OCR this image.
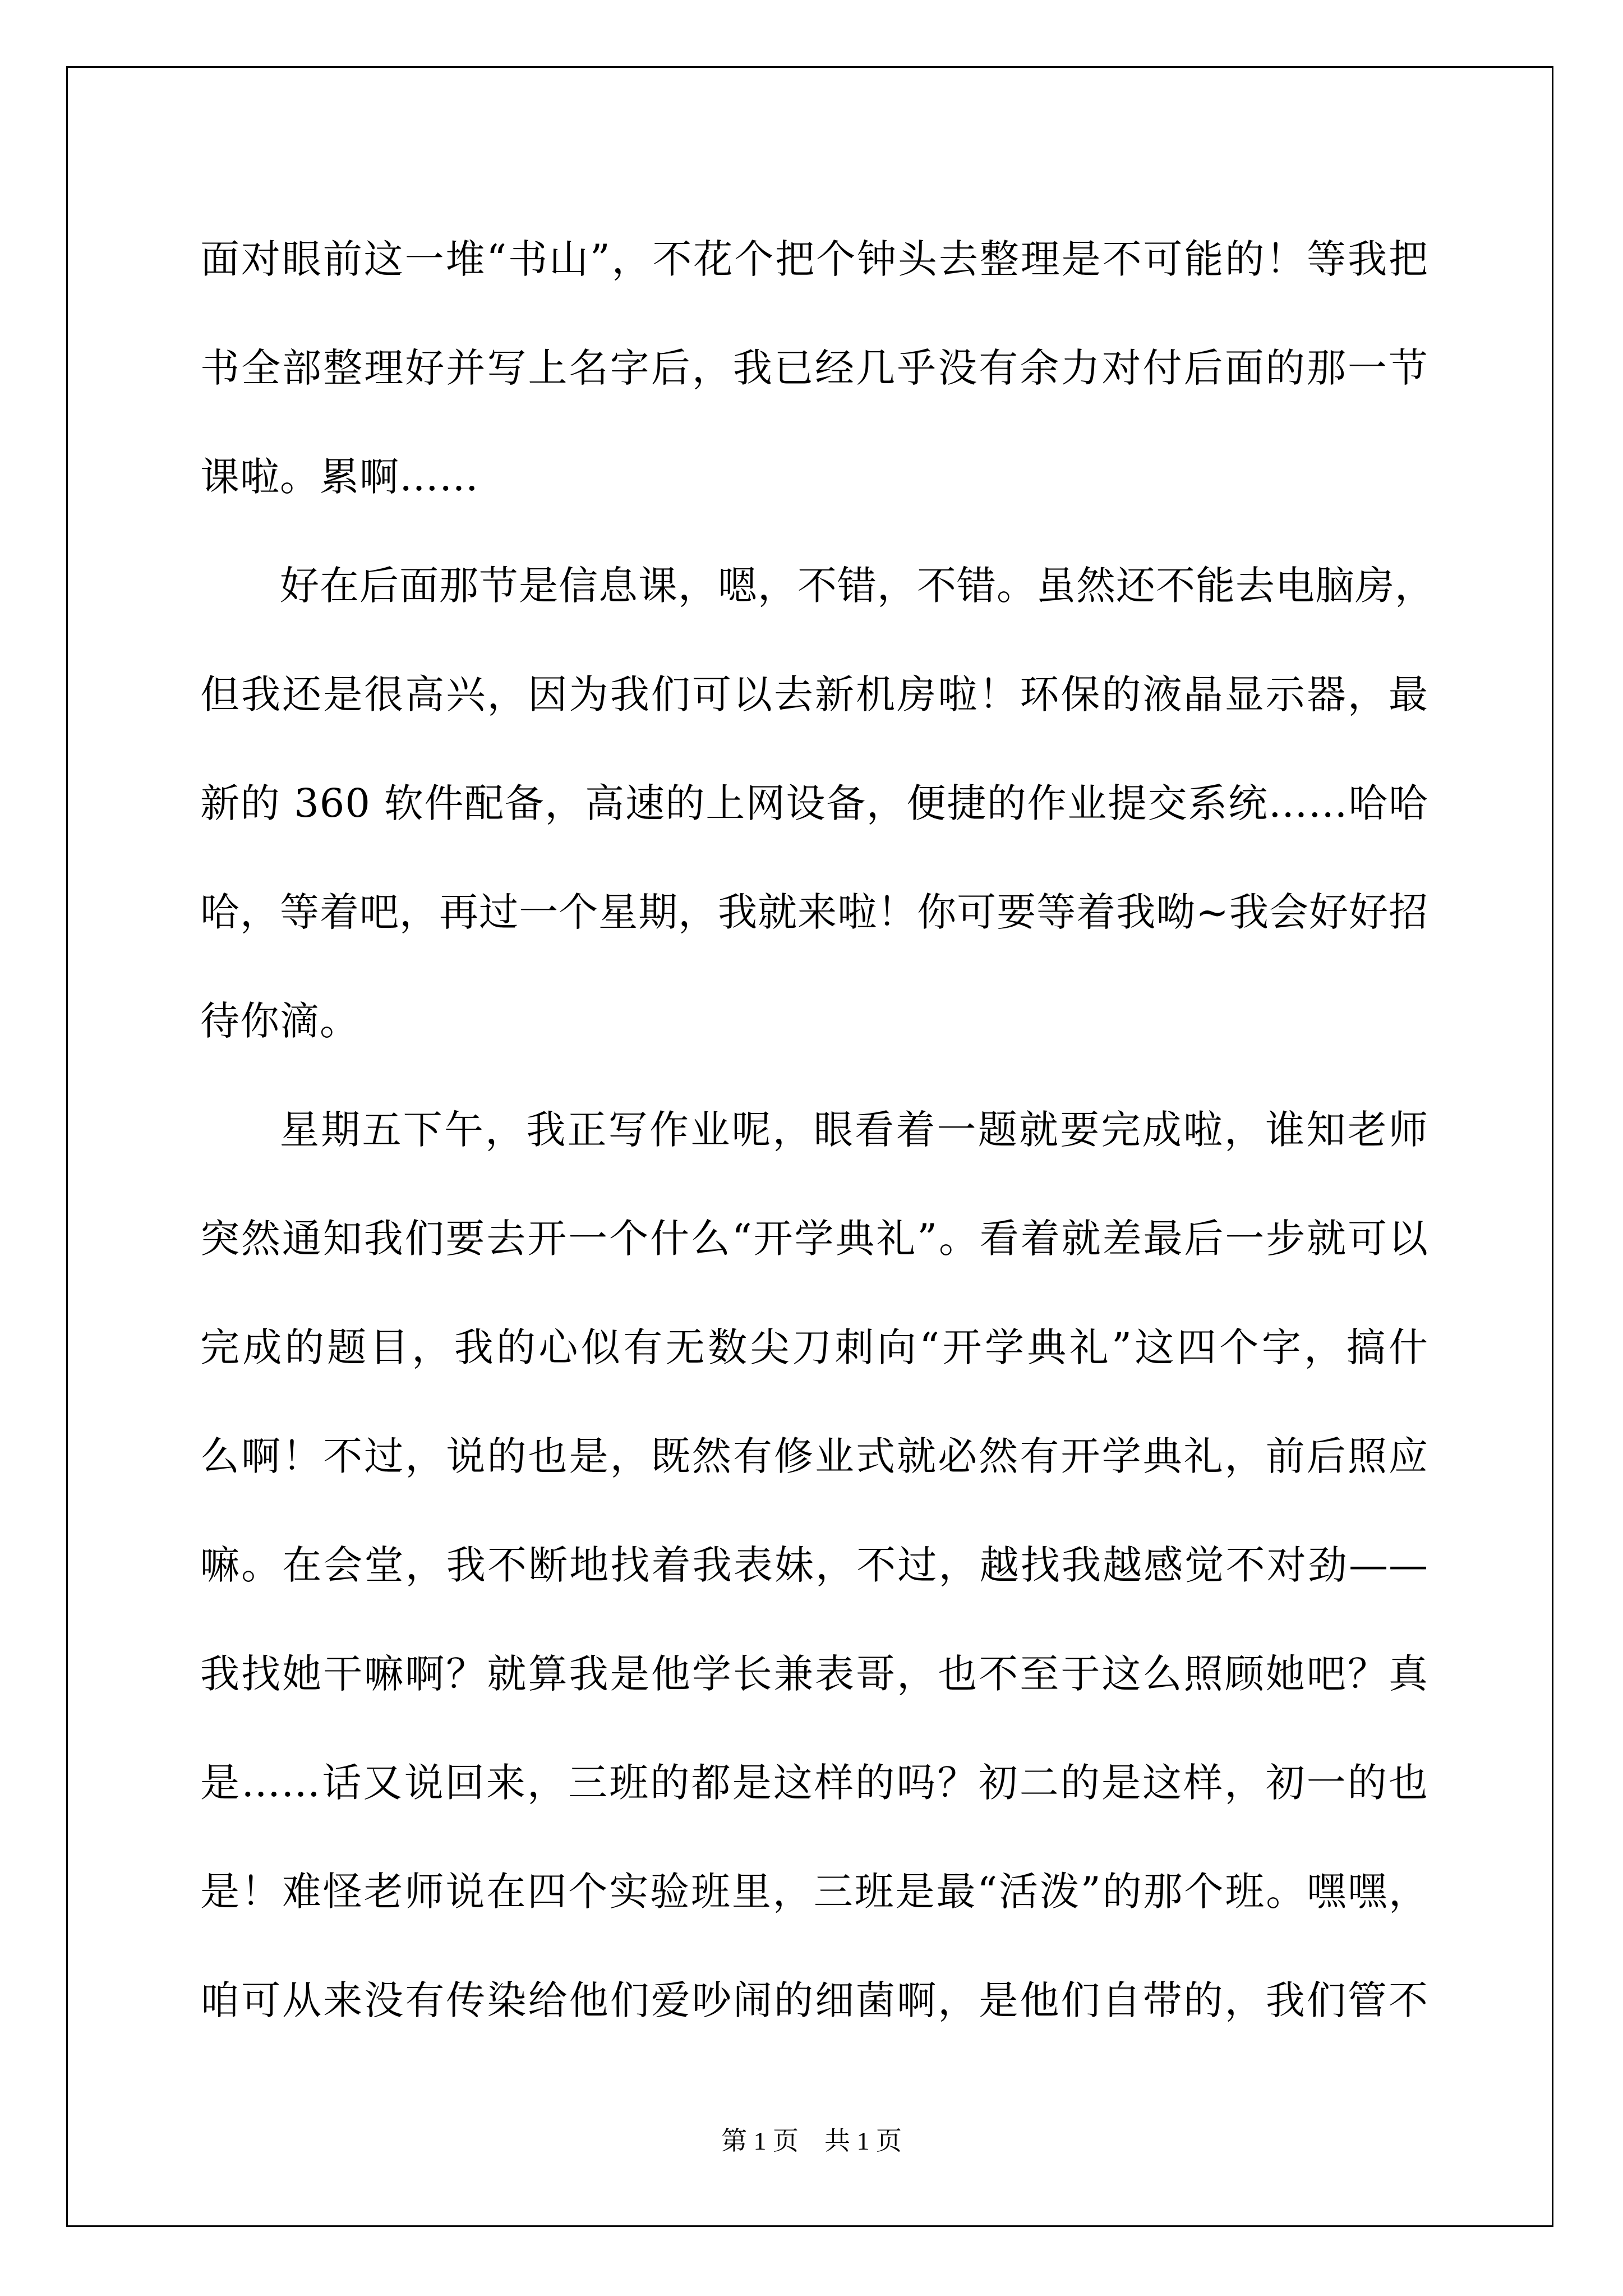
面对眼前这一堆“书山”，不花个把个钟头去整理是不可能的！等我把
书全部整理好并写上名字后，我已经几乎没有余力对付后面的那一节
课啦。累啊……
好在后面那节是信息课，嗯，不错，不错。虽然还不能去电脑房，
但我还是很高兴，因为我们可以去新机房啦！环保的液晶显示器，最
新的 360 软件配备，高速的上网设备，便捷的作业提交系统……哈哈
哈，等着吧，再过一个星期，我就来啦！你可要等着我呦~我会好好招
待你滴。
星期五下午，我正写作业呢，眼看着一题就要完成啦，谁知老师
突然通知我们要去开一个什么“开学典礼”。看着就差最后一步就可以
完成的题目，我的心似有无数尖刀刺向“开学典礼”这四个字，搞什
么啊！不过，说的也是，既然有修业式就必然有开学典礼，前后照应
嘛。在会堂，我不断地找着我表妹，不过，越找我越感觉不对劲——
我找她干嘛啊？就算我是他学长兼表哥，也不至于这么照顾她吧？真
是……话又说回来，三班的都是这样的吗？初二的是这样，初一的也
是！难怪老师说在四个实验班里，三班是最“活泼”的那个班。嘿嘿，
咱可从来没有传染给他们爱吵闹的细菌啊，是他们自带的，我们管不
第 1 页 共 1 页
